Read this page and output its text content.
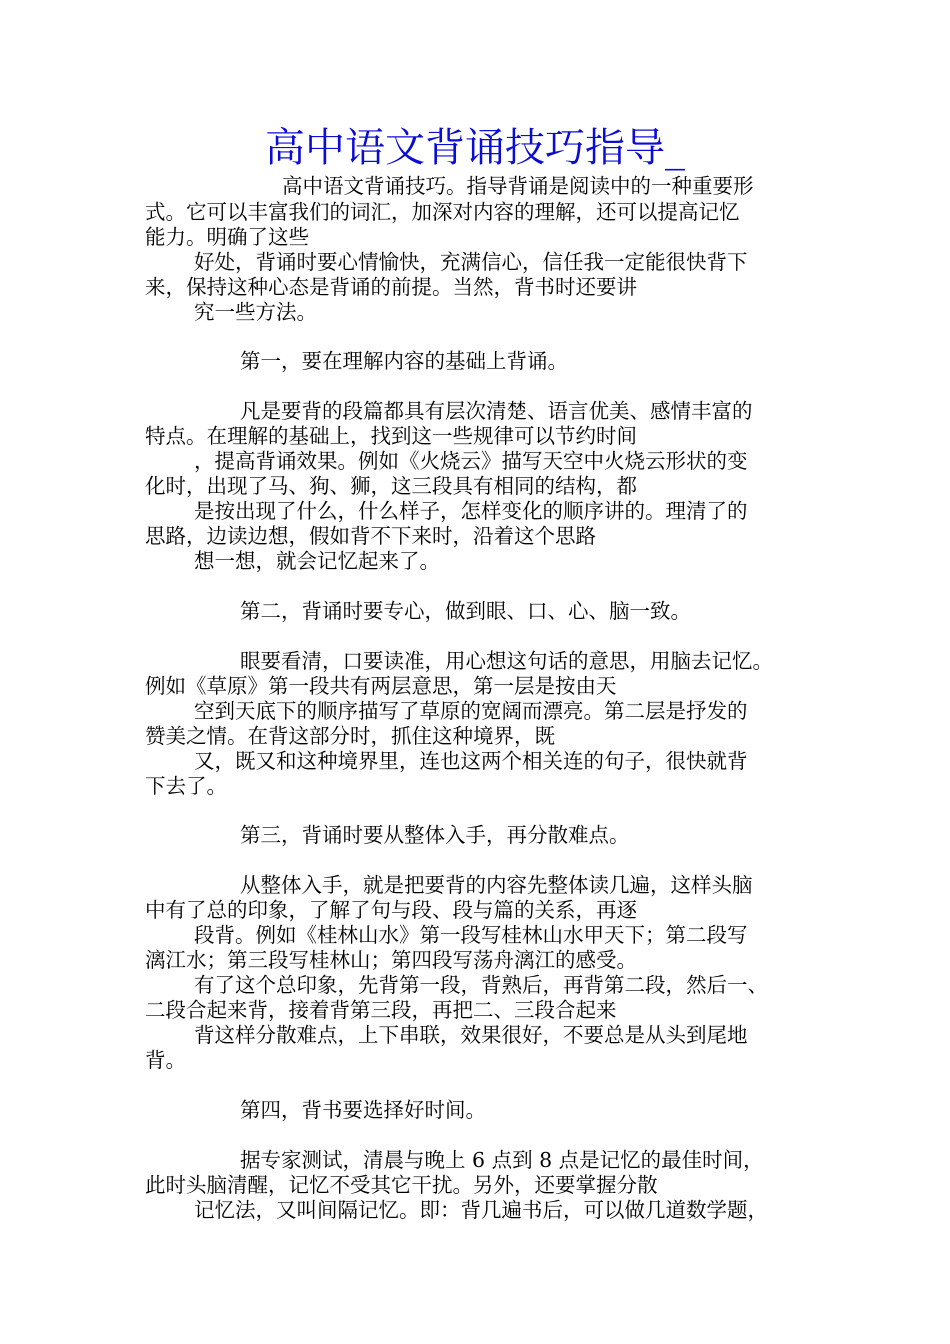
高中语文背诵技巧指导_

高中语文背诵技巧。指导背诵是阅读中的一种重要形

式。它可以丰富我们的词汇，加深对内容的理解，还可以提高记忆

能力。明确了这些

好处，背诵时要心情愉快，充满信心，信任我一定能很快背下

来，保持这种心态是背诵的前提。当然，背书时还要讲

究一些方法。

第一，要在理解内容的基础上背诵。

凡是要背的段篇都具有层次清楚、语言优美、感情丰富的

特点。在理解的基础上，找到这一些规律可以节约时间

，提高背诵效果。例如《火烧云》描写天空中火烧云形状的变

化时，出现了马、狗、狮，这三段具有相同的结构，都

是按出现了什么，什么样子，怎样变化的顺序讲的。理清了的

思路，边读边想，假如背不下来时，沿着这个思路

想一想，就会记忆起来了。

第二，背诵时要专心，做到眼、口、心、脑一致。

眼要看清，口要读准，用心想这句话的意思，用脑去记忆。

例如《草原》第一段共有两层意思，第一层是按由天

空到天底下的顺序描写了草原的宽阔而漂亮。第二层是抒发的

赞美之情。在背这部分时，抓住这种境界，既

又，既又和这种境界里，连也这两个相关连的句子，很快就背

下去了。

第三，背诵时要从整体入手，再分散难点。

从整体入手，就是把要背的内容先整体读几遍，这样头脑

中有了总的印象，了解了句与段、段与篇的关系，再逐

段背。例如《桂林山水》第一段写桂林山水甲天下；第二段写

漓江水；第三段写桂林山；第四段写荡舟漓江的感受。

有了这个总印象，先背第一段，背熟后，再背第二段，然后一、

二段合起来背，接着背第三段，再把二、三段合起来

背这样分散难点，上下串联，效果很好，不要总是从头到尾地

背。

第四，背书要选择好时间。

据专家测试，清晨与晚上 6 点到 8 点是记忆的最佳时间，

此时头脑清醒，记忆不受其它干扰。另外，还要掌握分散

记忆法，又叫间隔记忆。即：背几遍书后，可以做几道数学题，
